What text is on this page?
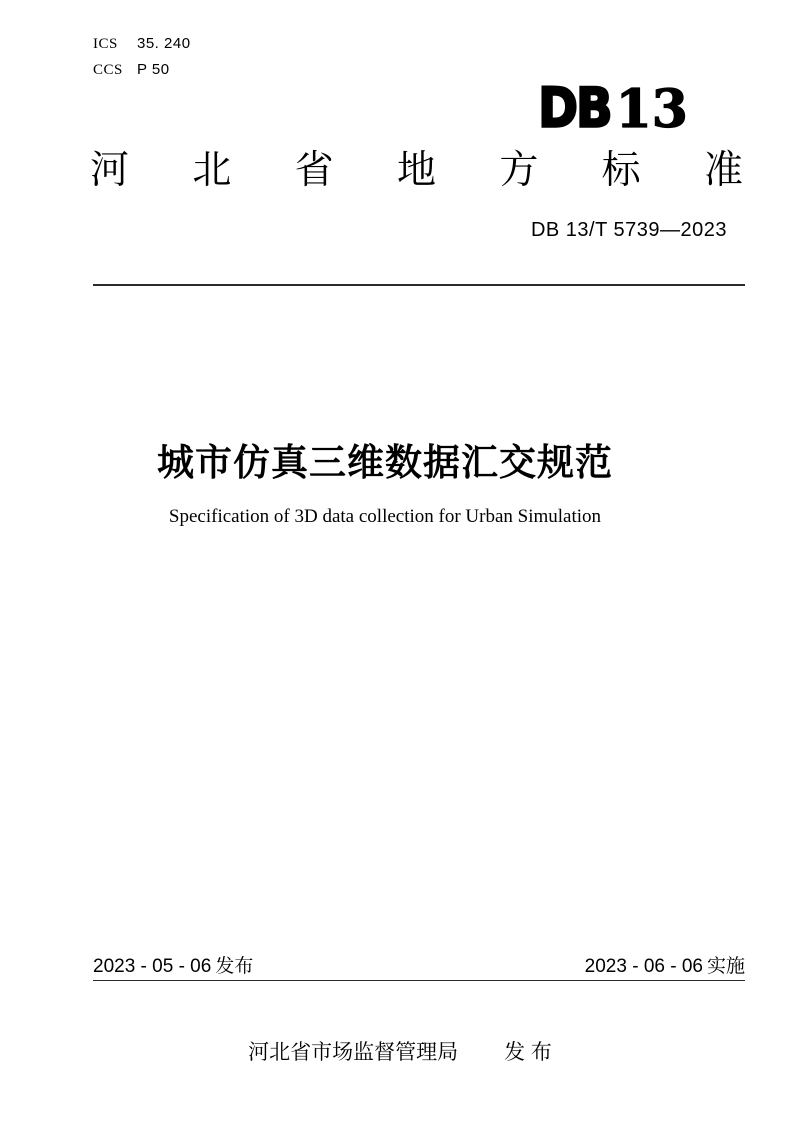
ICS 35. 240
CCS P 50
DB13
河 北 省 地 方 标 准
DB 13/T 5739—2023
城市仿真三维数据汇交规范
Specification of 3D data collection for Urban Simulation
2023 - 05 - 06 发布	2023 - 06 - 06 实施
河北省市场监督管理局 发 布
